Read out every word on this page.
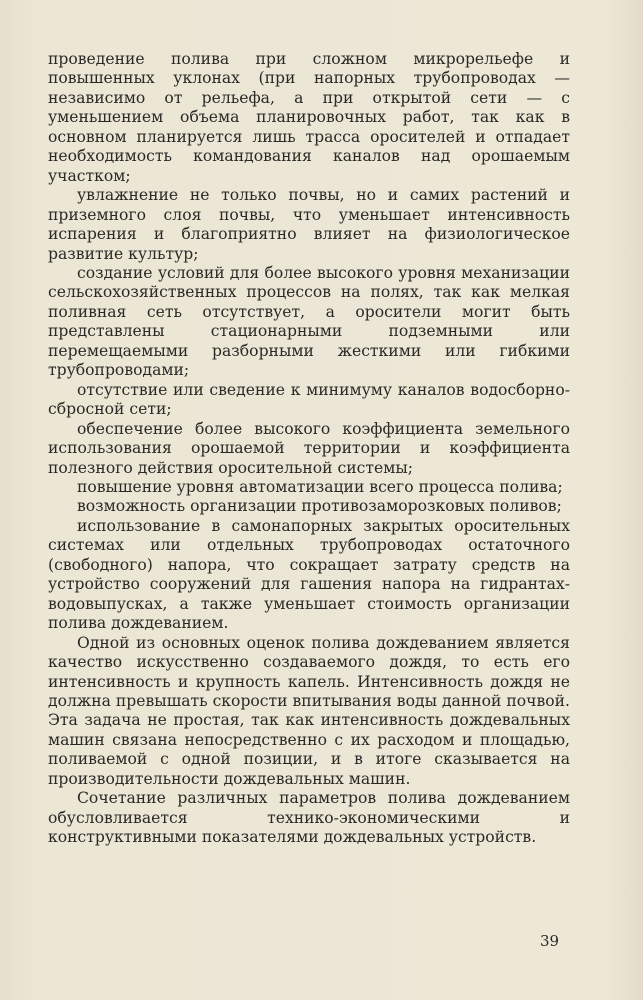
проведение полива при сложном микрорельефе и повышенных уклонах (при напорных трубопроводах — независимо от рельефа, а при открытой сети — с уменьшением объема планировочных работ, так как в основном планируется лишь трасса оросителей и отпадает необходимость командования каналов над орошаемым участком;

увлажнение не только почвы, но и самих растений и приземного слоя почвы, что уменьшает интенсивность испарения и благоприятно влияет на физиологическое развитие культур;

создание условий для более высокого уровня механизации сельскохозяйственных процессов на полях, так как мелкая поливная сеть отсутствует, а оросители могит быть представлены стационарными подземными или перемещаемыми разборными жесткими или гибкими трубопроводами;

отсутствие или сведение к минимуму каналов водосборно-сбросной сети;

обеспечение более высокого коэффициента земельного использования орошаемой территории и коэффициента полезного действия оросительной системы;

повышение уровня автоматизации всего процесса полива;

возможность организации противозаморозковых поливов;

использование в самонапорных закрытых оросительных системах или отдельных трубопроводах остаточного (свободного) напора, что сокращает затрату средств на устройство сооружений для гашения напора на гидрантах-водовыпусках, а также уменьшает стоимость организации полива дождеванием.

Одной из основных оценок полива дождеванием является качество искусственно создаваемого дождя, то есть его интенсивность и крупность капель. Интенсивность дождя не должна превышать скорости впитывания воды данной почвой. Эта задача не простая, так как интенсивность дождевальных машин связана непосредственно с их расходом и площадью, поливаемой с одной позиции, и в итоге сказывается на производительности дождевальных машин.

Сочетание различных параметров полива дождеванием обусловливается технико-экономическими и конструктивными показателями дождевальных устройств.

39
